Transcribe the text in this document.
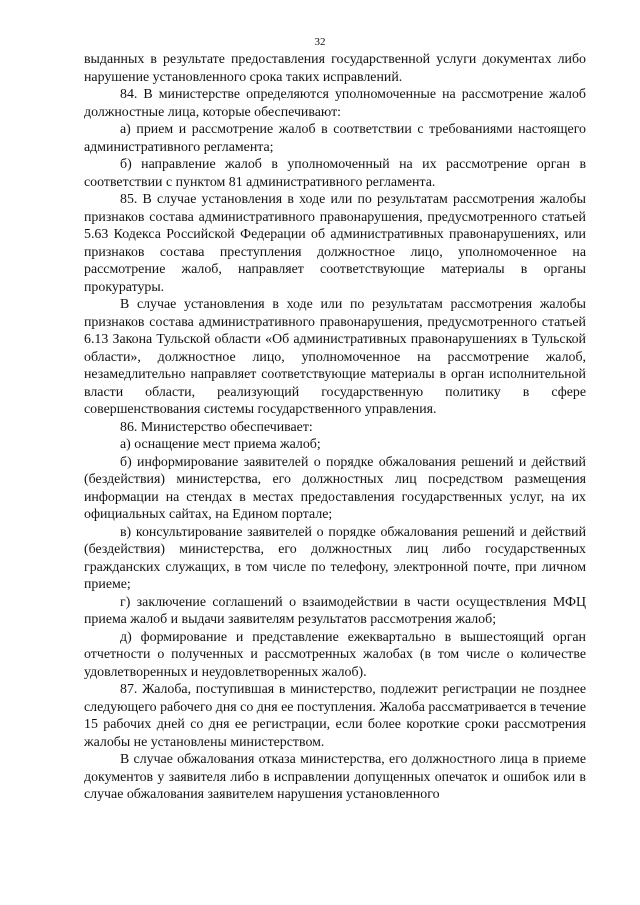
32

выданных в результате предоставления государственной услуги документах либо нарушение установленного срока таких исправлений.

84. В министерстве определяются уполномоченные на рассмотрение жалоб должностные лица, которые обеспечивают:

а) прием и рассмотрение жалоб в соответствии с требованиями настоящего административного регламента;

б) направление жалоб в уполномоченный на их рассмотрение орган в соответствии с пунктом 81 административного регламента.

85. В случае установления в ходе или по результатам рассмотрения жалобы признаков состава административного правонарушения, предусмотренного статьей 5.63 Кодекса Российской Федерации об административных правонарушениях, или признаков состава преступления должностное лицо, уполномоченное на рассмотрение жалоб, направляет соответствующие материалы в органы прокуратуры.

В случае установления в ходе или по результатам рассмотрения жалобы признаков состава административного правонарушения, предусмотренного статьей 6.13 Закона Тульской области «Об административных правонарушениях в Тульской области», должностное лицо, уполномоченное на рассмотрение жалоб, незамедлительно направляет соответствующие материалы в орган исполнительной власти области, реализующий государственную политику в сфере совершенствования системы государственного управления.

86. Министерство обеспечивает:

а) оснащение мест приема жалоб;

б) информирование заявителей о порядке обжалования решений и действий (бездействия) министерства, его должностных лиц посредством размещения информации на стендах в местах предоставления государственных услуг, на их официальных сайтах, на Едином портале;

в) консультирование заявителей о порядке обжалования решений и действий (бездействия) министерства, его должностных лиц либо государственных гражданских служащих, в том числе по телефону, электронной почте, при личном приеме;

г) заключение соглашений о взаимодействии в части осуществления МФЦ приема жалоб и выдачи заявителям результатов рассмотрения жалоб;

д) формирование и представление ежеквартально в вышестоящий орган отчетности о полученных и рассмотренных жалобах (в том числе о количестве удовлетворенных и неудовлетворенных жалоб).

87. Жалоба, поступившая в министерство, подлежит регистрации не позднее следующего рабочего дня со дня ее поступления. Жалоба рассматривается в течение 15 рабочих дней со дня ее регистрации, если более короткие сроки рассмотрения жалобы не установлены министерством.

В случае обжалования отказа министерства, его должностного лица в приеме документов у заявителя либо в исправлении допущенных опечаток и ошибок или в случае обжалования заявителем нарушения установленного
